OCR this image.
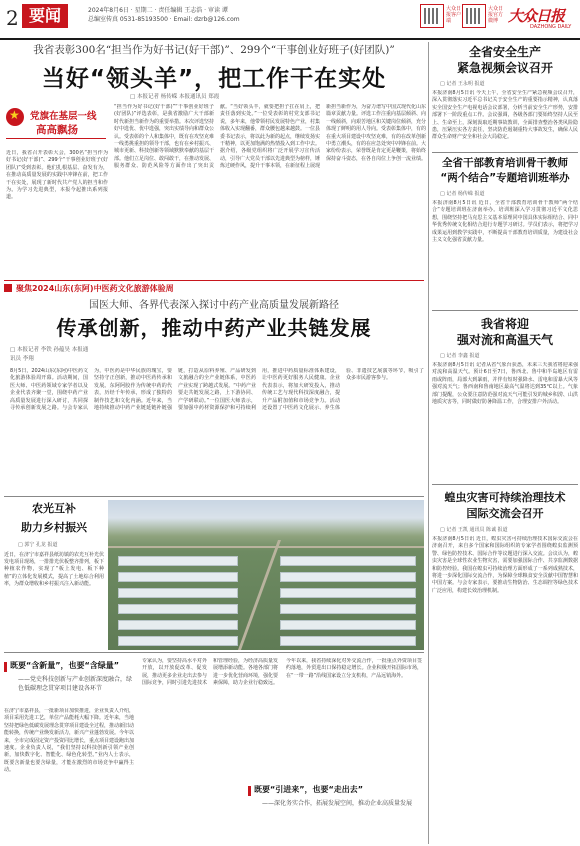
2 要闻	2024年8月6日 · 星期二 · 责任编辑 王志浩 · 审读 谭
总编室传真 0531-85193500 · Email: dzrb@126.com
大众日报客户端
大众日报官方微博 大众日报
DAZHONG DAILY
我省表彰300名“担当作为好书记(好干部)”、299个“干事创业好班子(好团队)”
当好“领头羊”，把工作干在实处
□ 本报记者 杨传嵘 本报通讯员 郑霞
★
党旗在基层一线
高高飘扬
近日，我省召开表彰大会，300名“担当作为好书记(好干部)”、299个“干事创业好班子(好团队)”受到表彰。他们扎根基层、奋发有为，在推动高质量发展的实践中冲锋在前，把工作干在实处，展现了新时代共产党人的担当和作为。为学习先进典型，本报今起推出系列报道。
“担当作为好书记(好干部)”“干事创业好班子(好团队)”评选表彰，是我省激励广大干部新时代新担当新作为的重要举措。本次评选坚持好中选优、优中选强，突出实绩导向和群众公认。受表彰的个人和集体中，既有在攻坚克难一线勇挑重担的领导干部，也有在乡村振兴、城市更新、科技创新等领域默默奉献的基层干部。他们立足岗位、敢闯敢干，在推动发展、服务群众、防范风险等方面作出了突出贡献。“当好领头羊，就要把担子扛在肩上，把责任落到实处。”一位受表彰的村党支部书记说，多年来，他带领村民发展特色产业，村集体收入实现翻番，群众腰包越来越鼓。一位县委书记表示，将以此为新的起点，继续发扬实干精神，以更加饱满的热情投入到工作中去。据介绍，各级党组织将广泛开展学习宣传活动，引导广大党员干部以先进典型为榜样，锤炼过硬作风，提升干事本领，在新征程上展现新担当新作为，为奋力谱写中国式现代化山东篇章贡献力量。评选工作注重向基层倾斜、向一线倾斜，向艰苦地区和关键岗位倾斜，充分体现了鲜明的用人导向。受表彰集体中，有的在重大项目建设中攻坚克难，有的在改革创新中勇立潮头，有的在应急处突中冲锋在前。大家纷纷表示，荣誉既是肯定更是鞭策，将始终保持奋斗姿态，在各自岗位上争创一流业绩。
聚焦2024山东(东阿)中医药文化旅游体验周
国医大师、各界代表深入探讨中药产业高质量发展新路径
传承创新，推动中药产业共链发展
□ 本报记者 李铁 孙蕴昊 本报通讯员 李翔
8月5日，2024山东(东阿)中医药文化旅游体验周开幕。活动期间，国医大师、中医药领域专家学者以及企业代表齐聚一堂，围绕中药产业高质量发展进行深入研讨，共同探寻传承创新发展之路。与会专家认为，中医药是中华民族的瑰宝，要坚持守正创新，推动中医药传承和发展。东阿阿胶作为传统中药的代表，历经千年传承，形成了独特的制作技艺和文化内涵。近年来，当地持续推动中药产业链延链补链强链，打造从原料养殖、产品研发到文旅融合的全产业链体系，中医药产业实现了跨越式发展。“中药产业要走共链发展之路，上下游协同、产学研联动。”一位国医大师表示，要加强中药材资源保护和可持续利用，推进中药质量标准体系建设，让中医药更好服务人民健康。企业代表表示，将加大研发投入，推动传统工艺与现代科技深度融合，提升产品附加值和市场竞争力。活动还设置了中医药文化展示、养生体验、非遗技艺展演等环节，吸引了众多市民游客参与。
农光互补
助力乡村振兴
□ 郭宁 孔龙 报道
近日，在济宁市嘉祥县纸坊镇的农光互补光伏发电项目现场，一排排光伏板整齐排列，板下种植农作物，实现了“板上发电、板下种植”的立体化发展模式，提高了土地综合利用率，为群众增收和乡村振兴注入新动能。
既要“含新量”，也要“含绿量”
——党史科技创新与产业创新深度融合，绿色低碳理念贯穿项目建设各环节
在济宁市嘉祥县，一批新项目加快推进，企业负责人介绍，项目采用先进工艺，单位产品能耗大幅下降。近年来，当地坚持把绿色低碳发展理念贯穿项目建设全过程，推动新旧动能转换，传统产业焕发新活力，新兴产业蓬勃发展。今年以来，全市完成固定资产投资同比增长，重点项目建设跑出加速度。企业负责人说，“我们坚持以科技创新引领产业创新，加快数字化、智能化、绿色化转型。”业内人士表示，既要含新量也要含绿量，才能在激烈的市场竞争中赢得主动。
专家认为，要坚持高水平对外开放，以开放促改革、促发展，推动更多企业走出去参与国际竞争，同时引进先进技术和管理经验，为经济高质量发展增添新动能。各地各部门将进一步优化营商环境，强化要素保障，助力企业行稳致远。
今年以来，我省持续深化对外交流合作，一批重点外资项目签约落地，外贸进出口保持稳定增长。企业积极开拓国际市场，在“一带一路”沿线国家设立分支机构，产品远销海外。
既要“引进来”，也要“走出去”
——深化务实合作，拓展发展空间，推动企业高质量发展
全省安全生产
紧急视频会议召开
□ 记者 王永明 报道
本报济南8月5日讯 今天上午，全省安全生产紧急视频会议召开，深入贯彻落实习近平总书记关于安全生产的重要指示精神，认真落实全国安全生产电视电话会议部署，分析当前安全生产形势，安排部署下一阶段重点工作。会议强调，各级各部门要始终坚持人民至上、生命至上，深刻汲取近期事故教训，全面排查整治各类风险隐患，压紧压实各方责任，坚决防范遏制重特大事故发生，确保人民群众生命财产安全和社会大局稳定。
全省干部教育培训骨干教师
“两个结合”专题培训班举办
□ 记者 杨传嵘 报道
本报济南8月5日讯 近日，全省干部教育培训骨干教师“两个结合”专题培训班在济南举办。培训班深入学习贯彻习近平文化思想，围绕坚持把马克思主义基本原理同中国具体实际相结合、同中华优秀传统文化相结合进行专题学习研讨。学员们表示，将把学习成果运用到教学实践中，不断提高干部教育培训质量，为建设社会主义文化强省贡献力量。
我省将迎
强对流和高温天气
□ 记者 李鑫 报道
本报济南8月5日讯 记者从省气象台获悉，未来三天我省将迎来强对流和高温天气。预计6日至7日，鲁西北、鲁中和半岛地区有雷雨或阵雨，局部大到暴雨，并伴有短时强降水、雷电和雷暴大风等强对流天气；鲁西南和鲁南地区最高气温将达到35℃以上。气象部门提醒，公众要注意防范强对流天气可能引发的城乡积涝、山洪地质灾害等，同时做好防暑降温工作，合理安排户外活动。
蝗虫灾害可持续治理技术
国际交流会召开
□ 记者 王凯 通讯员 陈诚 报道
本报济南8月5日讯 近日，蝗虫灾害可持续治理技术国际交流会在济南召开，来自多个国家和国际组织的专家学者围绕蝗虫监测预警、绿色防控技术、国际合作等议题进行深入交流。会议认为，蝗虫灾害是全球性农业生物灾害，需要加强国际合作、共享监测数据和防控经验。我国在蝗虫可持续治理方面形成了一系列成熟技术，将进一步深化国际交流合作，为保障全球粮食安全贡献中国智慧和中国方案。与会专家表示，要推动生物防治、生态调控等绿色技术广泛应用，构建长效治理机制。
